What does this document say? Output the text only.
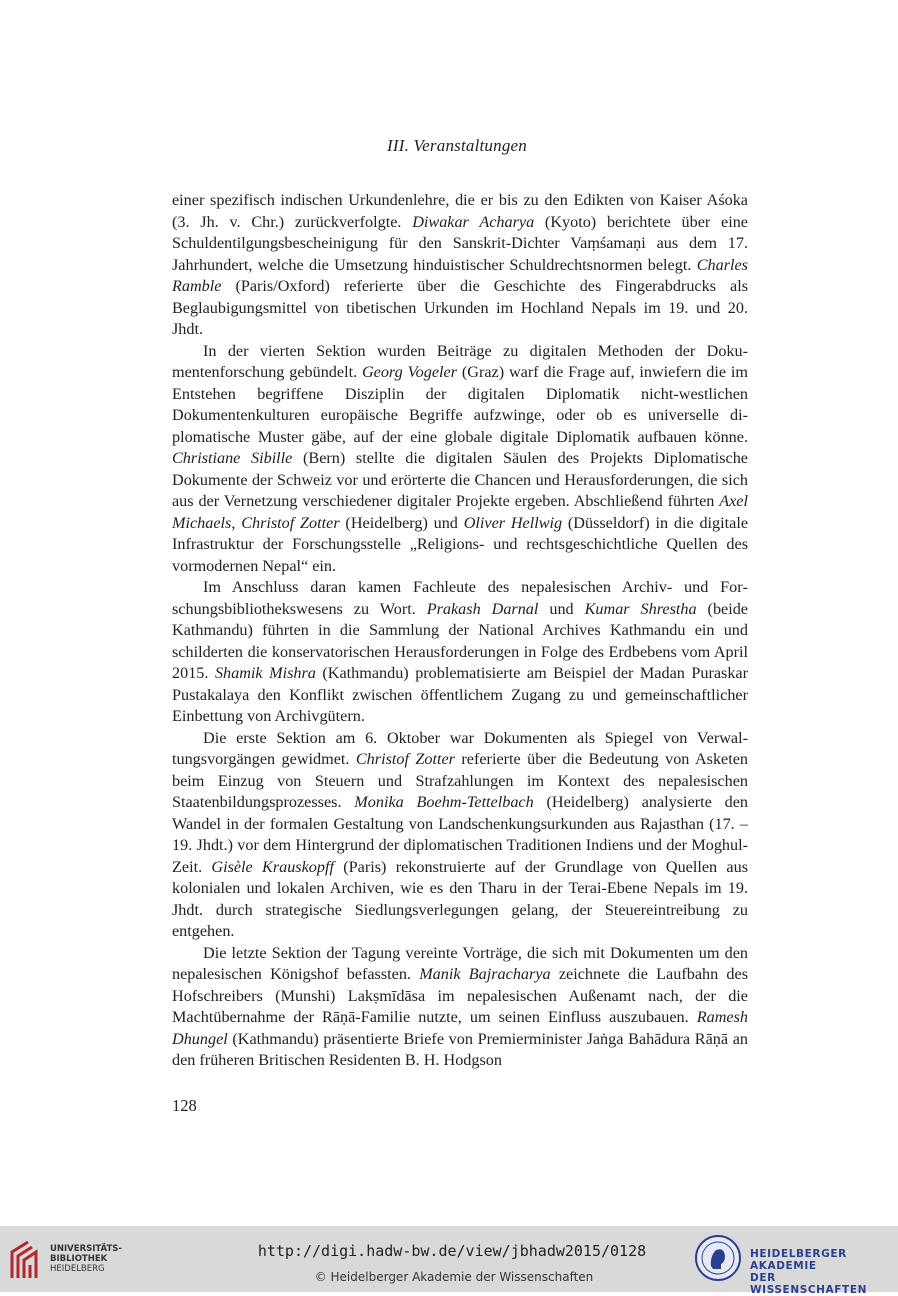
III. Veranstaltungen

einer spezifisch indischen Urkundenlehre, die er bis zu den Edikten von Kaiser Aśoka (3. Jh. v. Chr.) zurückverfolgte. Diwakar Acharya (Kyoto) berichtete über eine Schuldentilgungsbescheinigung für den Sanskrit-Dichter Vaṃśamaṇi aus dem 17. Jahrhundert, welche die Umsetzung hinduistischer Schuldrechtsnormen belegt. Charles Ramble (Paris/Oxford) referierte über die Geschichte des Fingerabdrucks als Beglaubigungsmittel von tibetischen Urkunden im Hochland Nepals im 19. und 20. Jhdt.

In der vierten Sektion wurden Beiträge zu digitalen Methoden der Dokumentenforschung gebündelt. Georg Vogeler (Graz) warf die Frage auf, inwiefern die im Entstehen begriffene Disziplin der digitalen Diplomatik nicht-westlichen Dokumentenkulturen europäische Begriffe aufzwinge, oder ob es universelle diplomatische Muster gäbe, auf der eine globale digitale Diplomatik aufbauen könne. Christiane Sibille (Bern) stellte die digitalen Säulen des Projekts Diplomatische Dokumente der Schweiz vor und erörterte die Chancen und Herausforderungen, die sich aus der Vernetzung verschiedener digitaler Projekte ergeben. Abschließend führten Axel Michaels, Christof Zotter (Heidelberg) und Oliver Hellwig (Düsseldorf) in die digitale Infrastruktur der Forschungsstelle „Religions- und rechtsgeschichtliche Quellen des vormodernen Nepal“ ein.

Im Anschluss daran kamen Fachleute des nepalesischen Archiv- und Forschungsbibliothekswesens zu Wort. Prakash Darnal und Kumar Shrestha (beide Kathmandu) führten in die Sammlung der National Archives Kathmandu ein und schilderten die konservatorischen Herausforderungen in Folge des Erdbebens vom April 2015. Shamik Mishra (Kathmandu) problematisierte am Beispiel der Madan Puraskar Pustakalaya den Konflikt zwischen öffentlichem Zugang zu und gemeinschaftlicher Einbettung von Archivgütern.

Die erste Sektion am 6. Oktober war Dokumenten als Spiegel von Verwaltungsvorgängen gewidmet. Christof Zotter referierte über die Bedeutung von Asketen beim Einzug von Steuern und Strafzahlungen im Kontext des nepalesischen Staatenbildungsprozesses. Monika Boehm-Tettelbach (Heidelberg) analysierte den Wandel in der formalen Gestaltung von Landschenkungsurkunden aus Rajasthan (17. – 19. Jhdt.) vor dem Hintergrund der diplomatischen Traditionen Indiens und der Moghul-Zeit. Gisèle Krauskopff (Paris) rekonstruierte auf der Grundlage von Quellen aus kolonialen und lokalen Archiven, wie es den Tharu in der Terai-Ebene Nepals im 19. Jhdt. durch strategische Siedlungsverlegungen gelang, der Steuereintreibung zu entgehen.

Die letzte Sektion der Tagung vereinte Vorträge, die sich mit Dokumenten um den nepalesischen Königshof befassten. Manik Bajracharya zeichnete die Laufbahn des Hofschreibers (Munshi) Lakṣmīdāsa im nepalesischen Außenamt nach, der die Machtübernahme der Rāṇā-Familie nutzte, um seinen Einfluss auszubauen. Ramesh Dhungel (Kathmandu) präsentierte Briefe von Premierminister Jaṅga Bahādura Rāṇā an den früheren Britischen Residenten B. H. Hodgson

128
UNIVERSITÄTS-
BIBLIOTHEK
HEIDELBERG
http://digi.hadw-bw.de/view/jbhadw2015/0128
© Heidelberger Akademie der Wissenschaften
HEIDELBERGER AKADEMIE
DER WISSENSCHAFTEN
